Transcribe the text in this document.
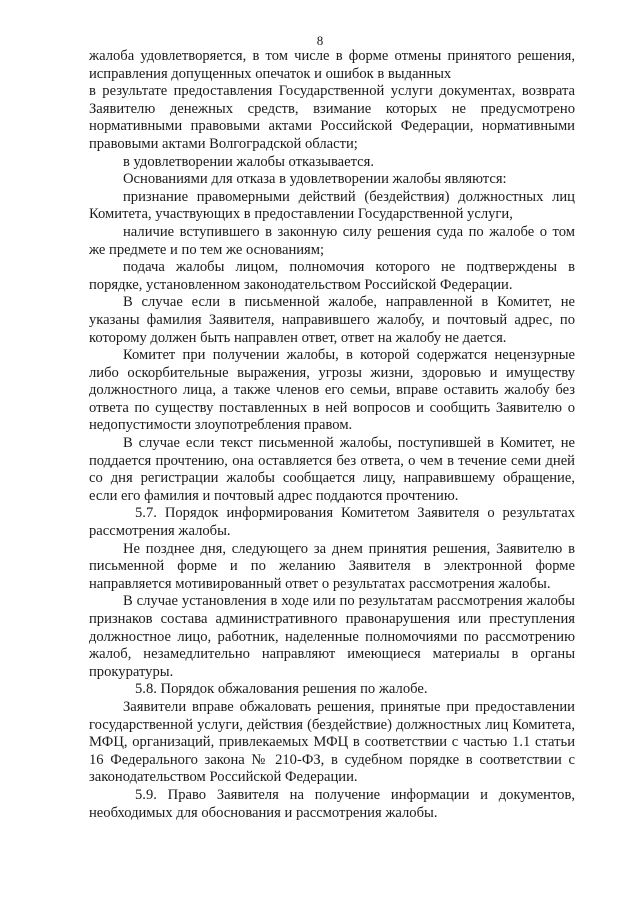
8

жалоба удовлетворяется, в том числе в форме отмены принятого решения, исправления допущенных опечаток и ошибок в выданных

в результате предоставления Государственной услуги документах, возврата Заявителю денежных средств, взимание которых не предусмотрено нормативными правовыми актами Российской Федерации, нормативными правовыми актами Волгоградской области;

в удовлетворении жалобы отказывается.

Основаниями для отказа в удовлетворении жалобы являются:

признание правомерными действий (бездействия) должностных лиц Комитета, участвующих в предоставлении Государственной услуги,

наличие вступившего в законную силу решения суда по жалобе о том же предмете и по тем же основаниям;

подача жалобы лицом, полномочия которого не подтверждены в порядке, установленном законодательством Российской Федерации.

В случае если в письменной жалобе, направленной в Комитет, не указаны фамилия Заявителя, направившего жалобу, и почтовый адрес, по которому должен быть направлен ответ, ответ на жалобу не дается.

Комитет при получении жалобы, в которой содержатся нецензурные либо оскорбительные выражения, угрозы жизни, здоровью и имуществу должностного лица, а также членов его семьи, вправе оставить жалобу без ответа по существу поставленных в ней вопросов и сообщить Заявителю о недопустимости злоупотребления правом.

В случае если текст письменной жалобы, поступившей в Комитет, не поддается прочтению, она оставляется без ответа, о чем в течение семи дней со дня регистрации жалобы сообщается лицу, направившему обращение, если его фамилия и почтовый адрес поддаются прочтению.

5.7. Порядок информирования Комитетом Заявителя о результатах рассмотрения жалобы.

Не позднее дня, следующего за днем принятия решения, Заявителю в письменной форме и по желанию Заявителя в электронной форме направляется мотивированный ответ о результатах рассмотрения жалобы.

В случае установления в ходе или по результатам рассмотрения жалобы признаков состава административного правонарушения или преступления должностное лицо, работник, наделенные полномочиями по рассмотрению жалоб, незамедлительно направляют имеющиеся материалы в органы прокуратуры.

5.8. Порядок обжалования решения по жалобе.

Заявители вправе обжаловать решения, принятые при предоставлении государственной услуги, действия (бездействие) должностных лиц Комитета, МФЦ, организаций, привлекаемых МФЦ в соответствии с частью 1.1 статьи 16 Федерального закона № 210-ФЗ, в судебном порядке в соответствии с законодательством Российской Федерации.

5.9. Право Заявителя на получение информации и документов, необходимых для обоснования и рассмотрения жалобы.
